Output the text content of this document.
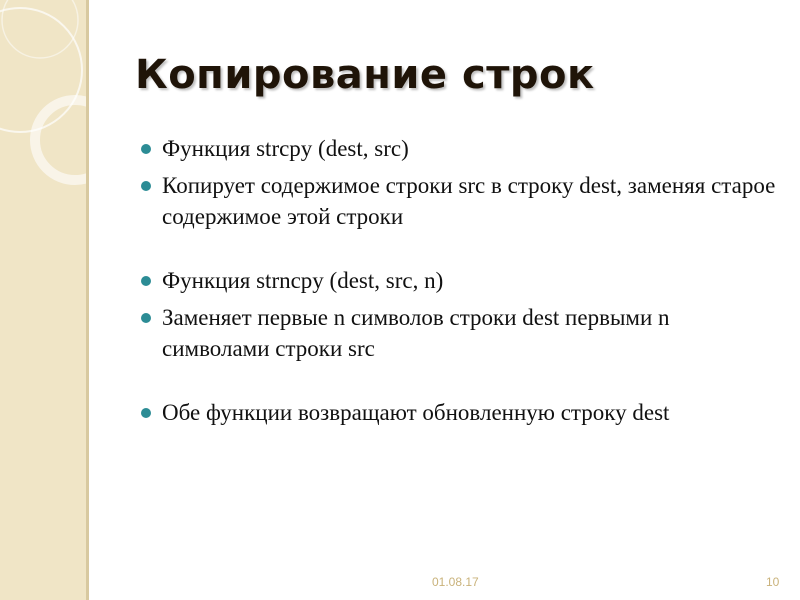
Копирование строк
Функция strcpy (dest, src)
Копирует содержимое строки src в строку dest, заменяя старое содержимое этой строки
Функция strncpy (dest, src, n)
Заменяет первые n символов строки dest первыми n символами строки src
Обе функции возвращают обновленную строку dest
01.08.17	10
